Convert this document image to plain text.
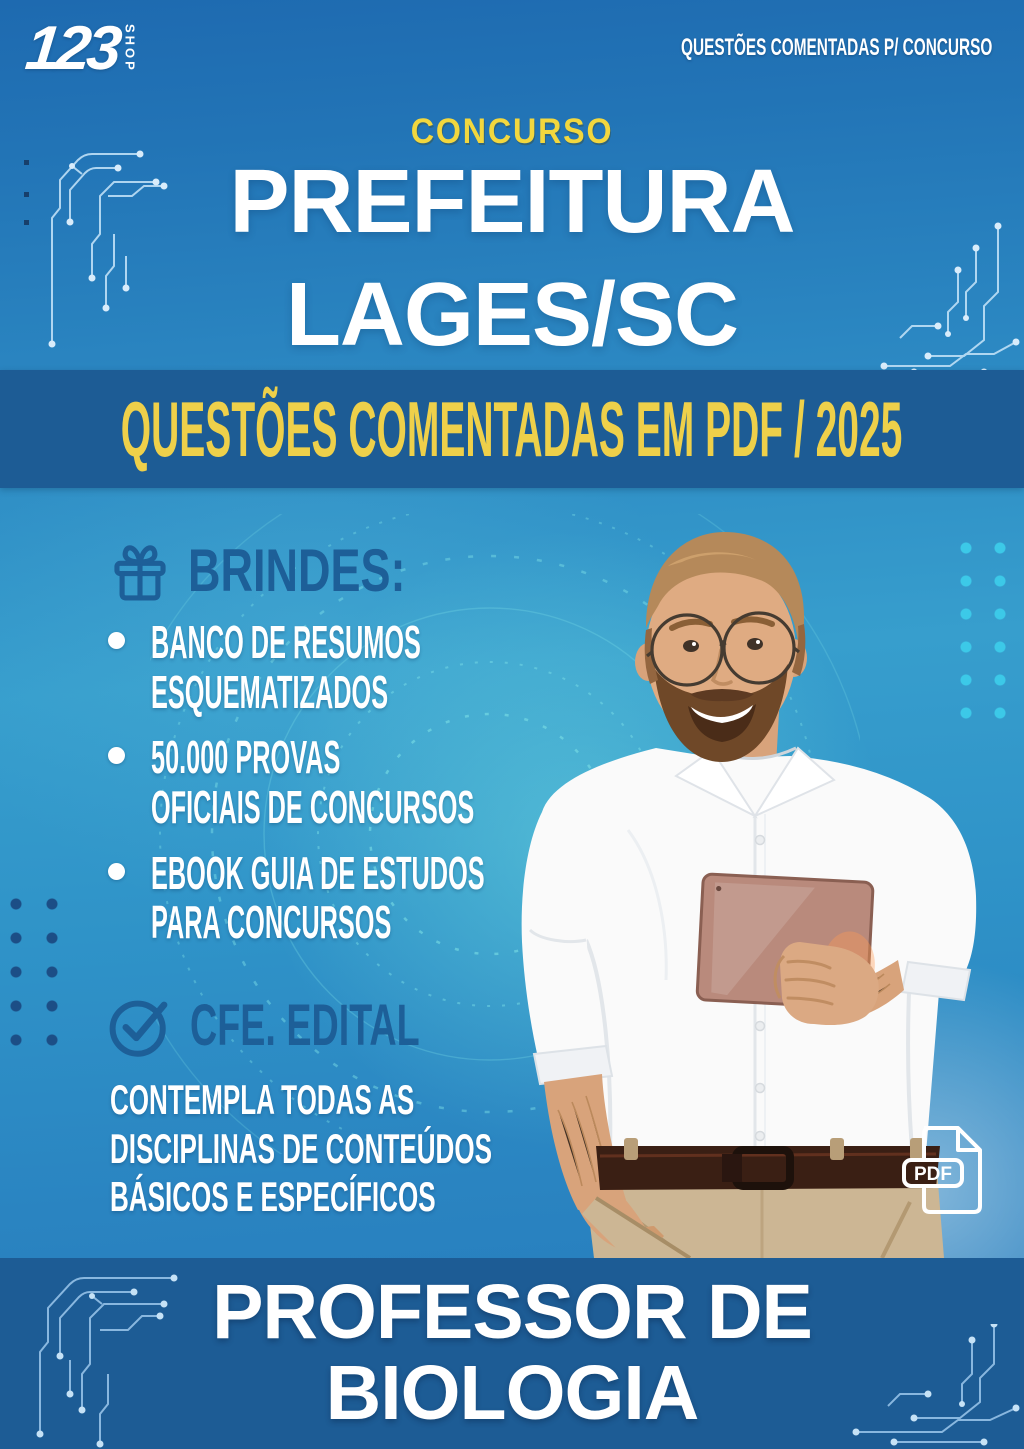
123 SHOP	QUESTÕES COMENTADAS P/ CONCURSO
CONCURSO
PREFEITURA
LAGES/SC
QUESTÕES COMENTADAS EM PDF / 2025
BRINDES:
BANCO DE RESUMOS
ESQUEMATIZADOS
50.000 PROVAS
OFICIAIS DE CONCURSOS
EBOOK GUIA DE ESTUDOS
PARA CONCURSOS
CFE. EDITAL
CONTEMPLA TODAS AS
DISCIPLINAS DE CONTEÚDOS
BÁSICOS E ESPECÍFICOS	PDF
PROFESSOR DE
BIOLOGIA
